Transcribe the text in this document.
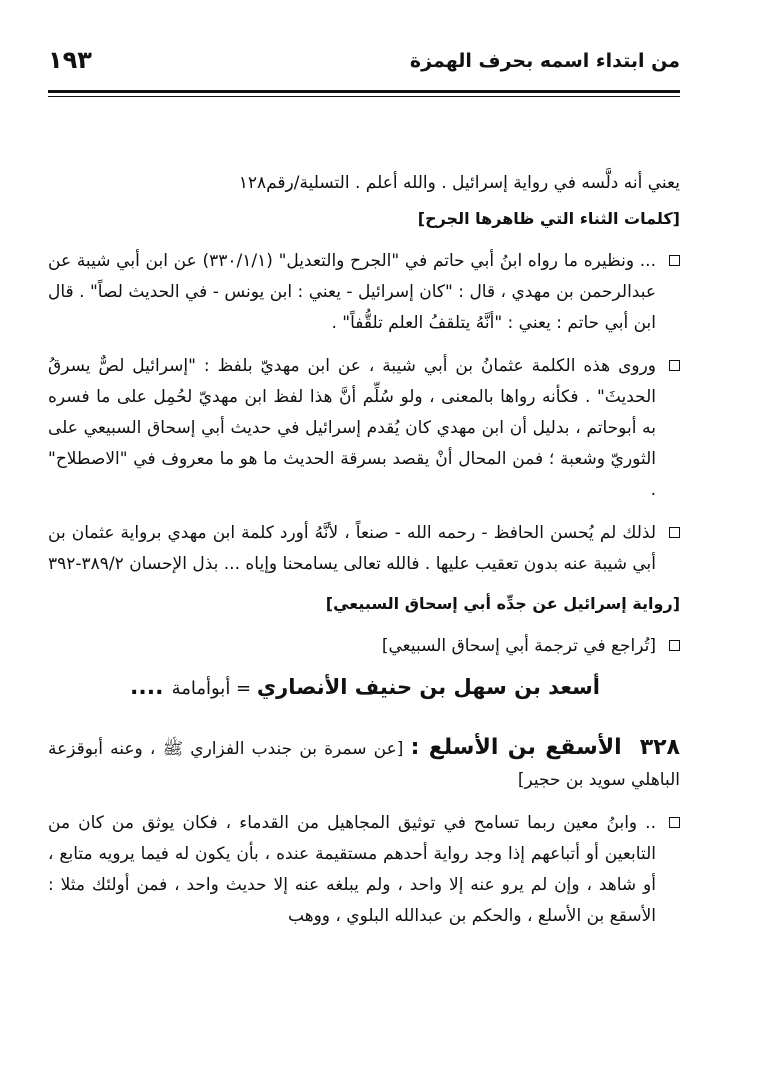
من ابتداء اسمه بحرف الهمزة
١٩٣

يعني أنه دلَّسه في رواية إسرائيل . والله أعلم . التسلية/رقم١٢٨

[كلمات الثناء التي ظاهرها الجرح]

... ونظيره ما رواه ابنُ أبي حاتم في "الجرح والتعديل" (٣٣٠/١/١) عن ابن أبي شيبة عن عبدالرحمن بن مهدي ، قال : "كان إسرائيل - يعني : ابن يونس - في الحديث لصاً" . قال ابن أبي حاتم : يعني : "أنَّهُ يتلقفُ العلم تلقُّفاً" .

وروى هذه الكلمة عثمانُ بن أبي شيبة ، عن ابن مهديّ بلفظ : "إسرائيل لصٌّ يسرقُ الحديثَ" . فكأنه رواها بالمعنى ، ولو سُلِّم أنَّ هذا لفظ ابن مهديّ لحُمِل على ما فسره به أبوحاتم ، بدليل أن ابن مهدي كان يُقدم إسرائيل في حديث أبي إسحاق السبيعي على الثوريّ وشعبة ؛ فمن المحال أنْ يقصد بسرقة الحديث ما هو ما معروف في "الاصطلاح" .

لذلك لم يُحسن الحافظ - رحمه الله - صنعاً ، لأنَّهُ أورد كلمة ابن مهدي برواية عثمان بن أبي شيبة عنه بدون تعقيب عليها . فالله تعالى يسامحنا وإياه ... بذل الإحسان ٣٨٩/٢-٣٩٢

[رواية إسرائيل عن جدِّه أبي إسحاق السبيعي]

[تُراجع في ترجمة أبي إسحاق السبيعي]

أسعد بن سهل بن حنيف الأنصاري = أبوأمامة
....

٣٢٨الأسقع بن الأسلع : [عن سمرة بن جندب الفزاري ﷺ ، وعنه أبوقزعة الباهلي سويد بن حجير]

.. وابنُ معين ربما تسامح في توثيق المجاهيل من القدماء ، فكان يوثق من كان من التابعين أو أتباعهم إذا وجد رواية أحدهم مستقيمة عنده ، بأن يكون له فيما يرويه متابع ، أو شاهد ، وإن لم يرو عنه إلا واحد ، ولم يبلغه عنه إلا حديث واحد ، فمن أولئك مثلا : الأسقع بن الأسلع ، والحكم بن عبدالله البلوي ، ووهب
